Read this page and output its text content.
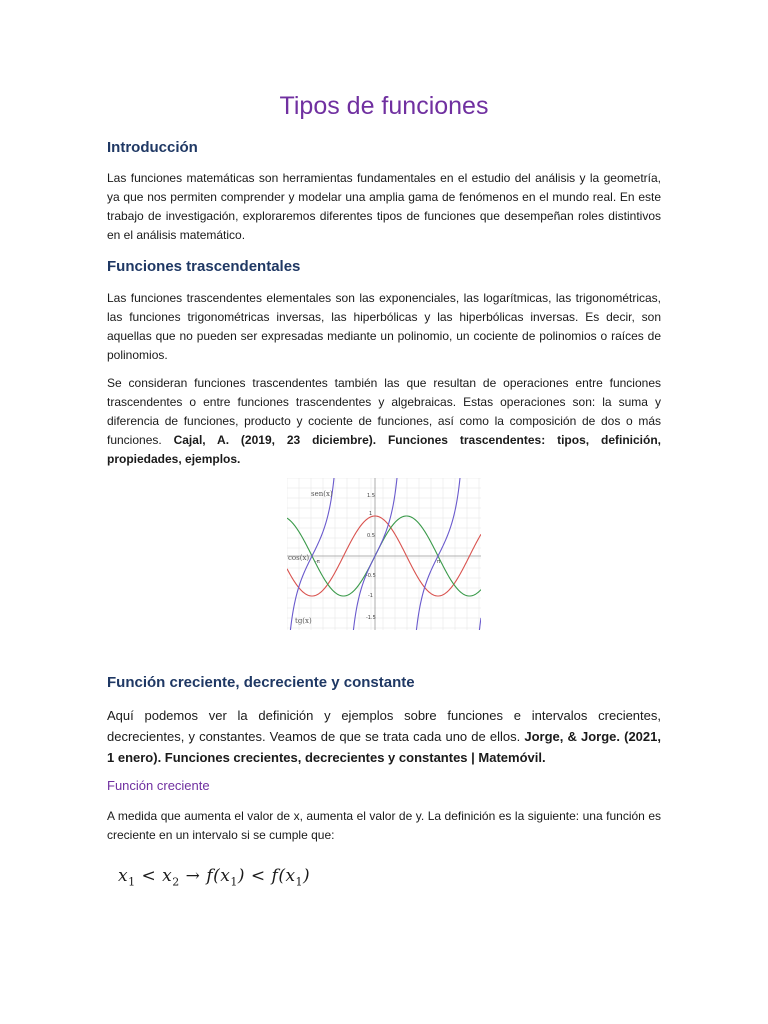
Tipos de funciones
Introducción
Las funciones matemáticas son herramientas fundamentales en el estudio del análisis y la geometría, ya que nos permiten comprender y modelar una amplia gama de fenómenos en el mundo real. En este trabajo de investigación, exploraremos diferentes tipos de funciones que desempeñan roles distintivos en el análisis matemático.
Funciones trascendentales
Las funciones trascendentes elementales son las exponenciales, las logarítmicas, las trigonométricas, las funciones trigonométricas inversas, las hiperbólicas y las hiperbólicas inversas. Es decir, son aquellas que no pueden ser expresadas mediante un polinomio, un cociente de polinomios o raíces de polinomios.
Se consideran funciones trascendentes también las que resultan de operaciones entre funciones trascendentes o entre funciones trascendentes y algebraicas. Estas operaciones son: la suma y diferencia de funciones, producto y cociente de funciones, así como la composición de dos o más funciones. Cajal, A. (2019, 23 diciembre). Funciones trascendentes: tipos, definición, propiedades, ejemplos.
1.5
1
0.5
-0.5
-1
-1.5
-π	π
sen(x)
cos(x)
tg(x)
Función creciente, decreciente y constante
Aquí podemos ver la definición y ejemplos sobre funciones e intervalos crecientes, decrecientes, y constantes. Veamos de que se trata cada uno de ellos. Jorge, & Jorge. (2021, 1 enero). Funciones crecientes, decrecientes y constantes | Matemóvil.
Función creciente
A medida que aumenta el valor de x, aumenta el valor de y. La definición es la siguiente: una función es creciente en un intervalo si se cumple que:
$x_1 < x_2 \to f(x_1) < f(x_1)$
